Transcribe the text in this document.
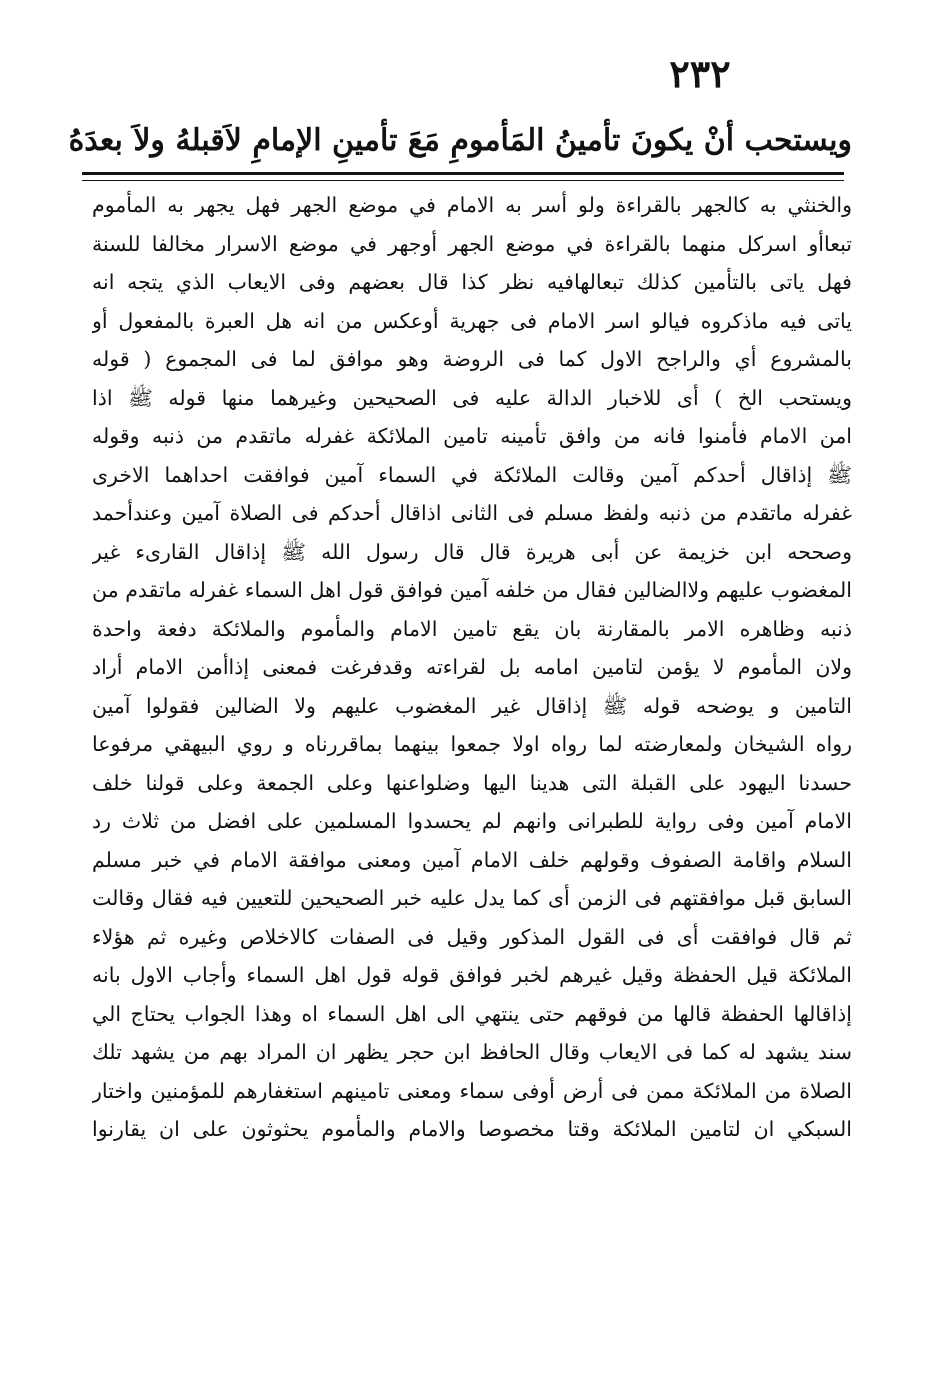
٢٣٢
ويستحب أنْ يكونَ تأمينُ المَأمومِ مَعَ تأمينِ الإمامِ لاَقبلهُ ولاَ بعدَهُ
والخنثي به كالجهر بالقراءة ولو أسر به الامام في موضع الجهر فهل يجهر به المأموم
تبعاأو اسركل منهما بالقراءة في موضع الجهر أوجهر في موضع الاسرار مخالفا للسنة
فهل ياتى بالتأمين كذلك تبعالهافيه نظر كذا قال بعضهم وفى الايعاب الذي يتجه انه
ياتى فيه ماذكروه فيالو اسر الامام فى جهرية أوعكس من انه هل العبرة بالمفعول أو
بالمشروع أي والراجح الاول كما فى الروضة وهو موافق لما فى المجموع ( قوله
ويستحب الخ ) أى للاخبار الدالة عليه فى الصحيحين وغيرهما منها قوله ﷺ اذا
امن الامام فأمنوا فانه من وافق تأمينه تامين الملائكة غفرله ماتقدم من ذنبه وقوله
ﷺ إذاقال أحدكم آمين وقالت الملائكة في السماء آمين فوافقت احداهما الاخرى
غفرله ماتقدم من ذنبه ولفظ مسلم فى الثانى اذاقال أحدكم فى الصلاة آمين وعندأحمد
وصححه ابن خزيمة عن أبى هريرة قال قال رسول الله ﷺ إذاقال القارىء غير
المغضوب عليهم ولاالضالين فقال من خلفه آمين فوافق قول اهل السماء غفرله ماتقدم من
ذنبه وظاهره الامر بالمقارنة بان يقع تامين الامام والمأموم والملائكة دفعة واحدة
ولان المأموم لا يؤمن لتامين امامه بل لقراءته وقدفرغت فمعنى إذاأمن الامام أراد
التامين و يوضحه قوله ﷺ إذاقال غير المغضوب عليهم ولا الضالين فقولوا آمين
رواه الشيخان ولمعارضته لما رواه اولا جمعوا بينهما بماقررناه و روي البيهقي مرفوعا
حسدنا اليهود على القبلة التى هدينا اليها وضلواعنها وعلى الجمعة وعلى قولنا خلف
الامام آمين وفى رواية للطبرانى وانهم لم يحسدوا المسلمين على افضل من ثلاث رد
السلام واقامة الصفوف وقولهم خلف الامام آمين ومعنى موافقة الامام في خبر مسلم
السابق قبل موافقتهم فى الزمن أى كما يدل عليه خبر الصحيحين للتعيين فيه فقال وقالت
ثم قال فوافقت أى فى القول المذكور وقيل فى الصفات كالاخلاص وغيره ثم هؤلاء
الملائكة قيل الحفظة وقيل غيرهم لخبر فوافق قوله قول اهل السماء وأجاب الاول بانه
إذاقالها الحفظة قالها من فوقهم حتى ينتهي الى اهل السماء اه وهذا الجواب يحتاج الي
سند يشهد له كما فى الايعاب وقال الحافظ ابن حجر يظهر ان المراد بهم من يشهد تلك
الصلاة من الملائكة ممن فى أرض أوفى سماء ومعنى تامينهم استغفارهم للمؤمنين واختار
السبكي ان لتامين الملائكة وقتا مخصوصا والامام والمأموم يحثوثون على ان يقارنوا
